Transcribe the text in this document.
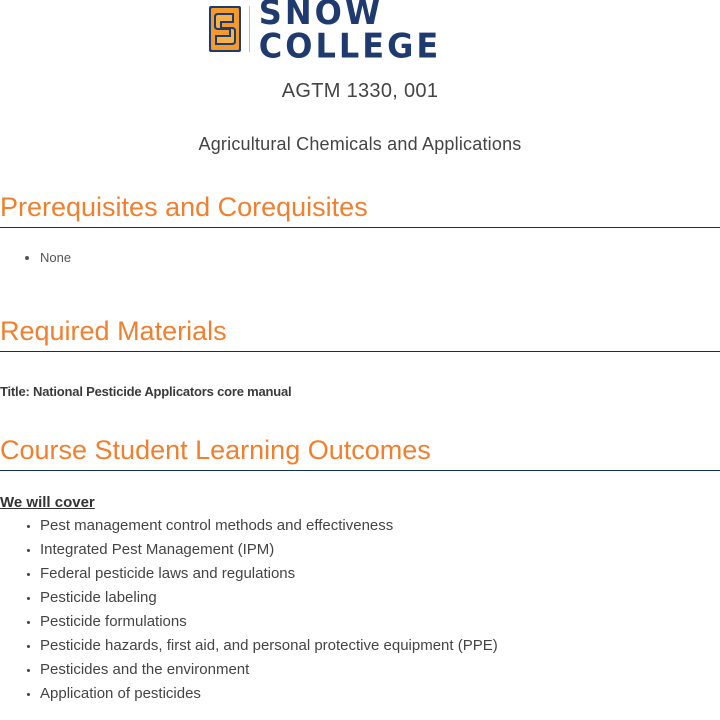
SNOW COLLEGE
AGTM 1330, 001
Agricultural Chemicals and Applications
Prerequisites and Corequisites
• None
Required Materials
Title: National Pesticide Applicators core manual
Course Student Learning Outcomes
We will cover
• Pest management control methods and effectiveness
• Integrated Pest Management (IPM)
• Federal pesticide laws and regulations
• Pesticide labeling
• Pesticide formulations
• Pesticide hazards, first aid, and personal protective equipment (PPE)
• Pesticides and the environment
• Application of pesticides
